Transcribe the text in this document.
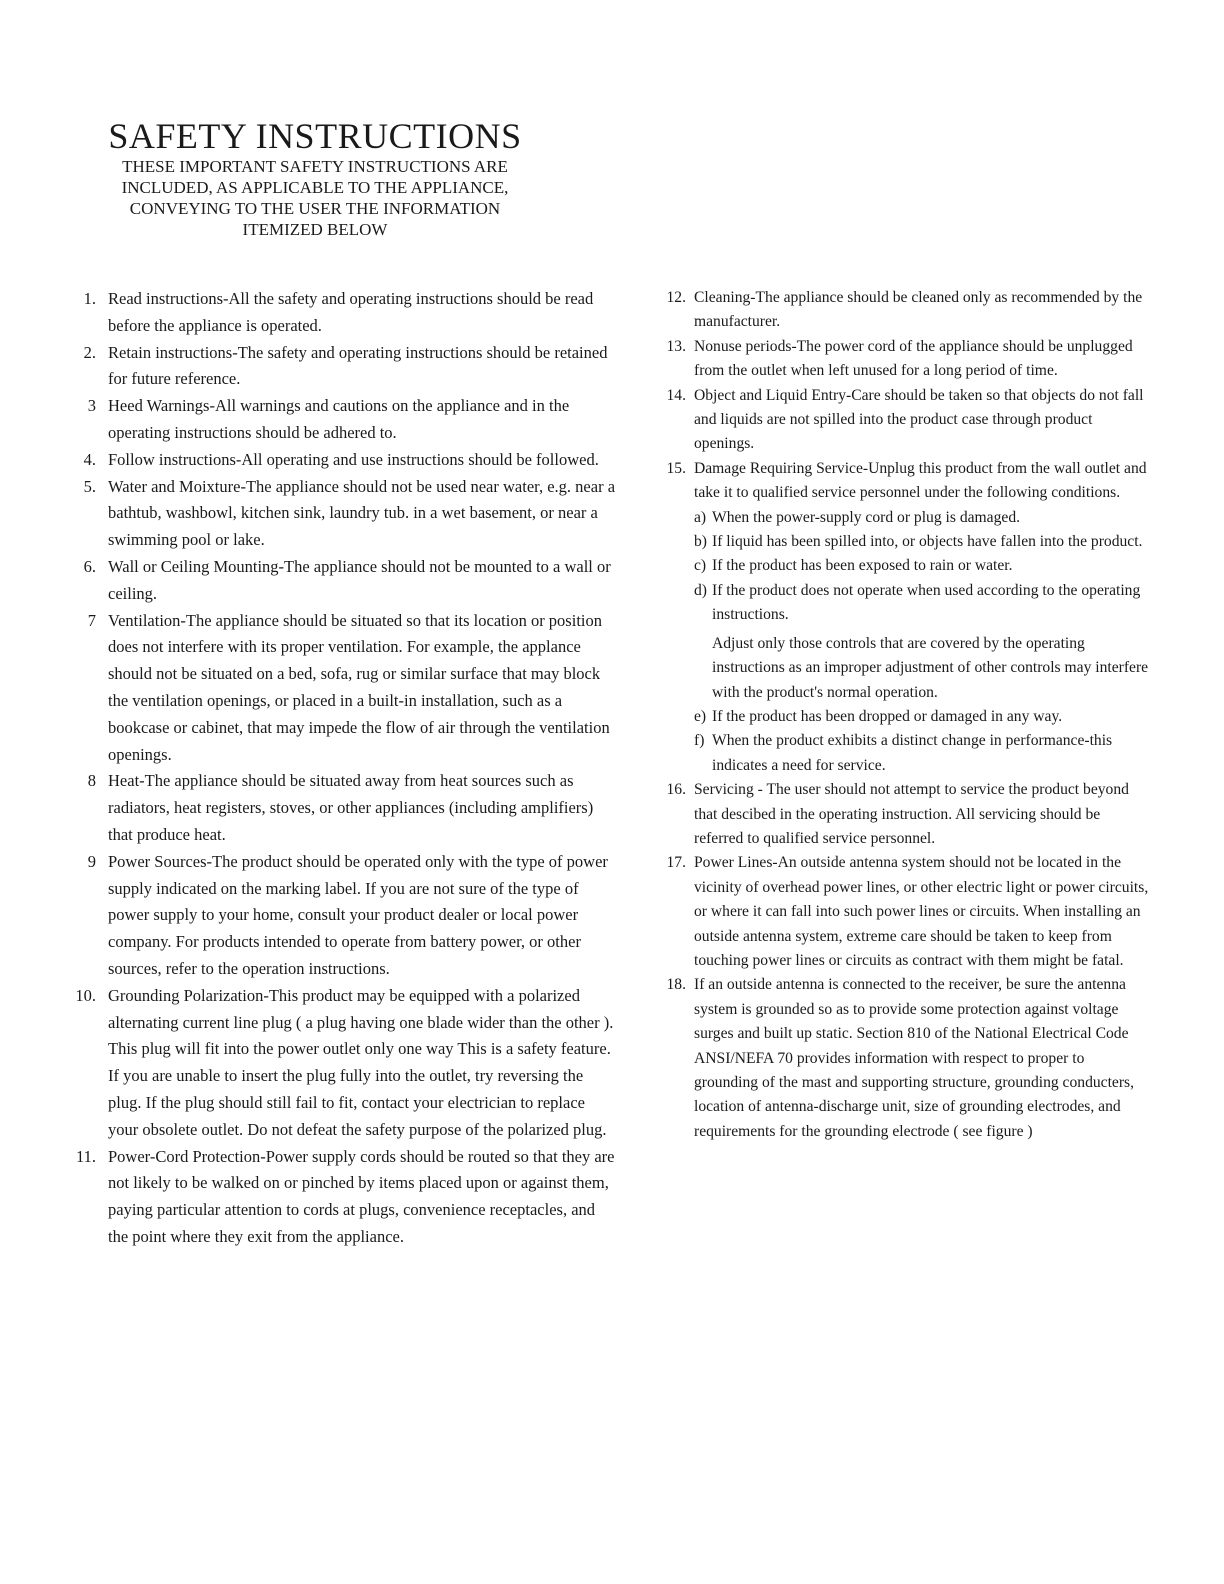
SAFETY INSTRUCTIONS

THESE IMPORTANT SAFETY INSTRUCTIONS ARE
INCLUDED, AS APPLICABLE TO THE APPLIANCE,
CONVEYING TO THE USER THE INFORMATION
ITEMIZED BELOW

1. Read instructions-All the safety and operating instructions should be read before the appliance is operated.
2. Retain instructions-The safety and operating instructions should be retained for future reference.
3 Heed Warnings-All warnings and cautions on the appliance and in the operating instructions should be adhered to.
4. Follow instructions-All operating and use instructions should be followed.
5. Water and Moixture-The appliance should not be used near water, e.g. near a bathtub, washbowl, kitchen sink, laundry tub. in a wet basement, or near a swimming pool or lake.
6. Wall or Ceiling Mounting-The appliance should not be mounted to a wall or ceiling.
7 Ventilation-The appliance should be situated so that its location or position does not interfere with its proper ventilation. For example, the applance should not be situated on a bed, sofa, rug or similar surface that may block the ventilation openings, or placed in a built-in installation, such as a bookcase or cabinet, that may impede the flow of air through the ventilation openings.
8 Heat-The appliance should be situated away from heat sources such as radiators, heat registers, stoves, or other appliances (including amplifiers) that produce heat.
9 Power Sources-The product should be operated only with the type of power supply indicated on the marking label. If you are not sure of the type of power supply to your home, consult your product dealer or local power company. For products intended to operate from battery power, or other sources, refer to the operation instructions.
10. Grounding Polarization-This product may be equipped with a polarized alternating current line plug ( a plug having one blade wider than the other ). This plug will fit into the power outlet only one way This is a safety feature. If you are unable to insert the plug fully into the outlet, try reversing the plug. If the plug should still fail to fit, contact your electrician to replace your obsolete outlet. Do not defeat the safety purpose of the polarized plug.
11. Power-Cord Protection-Power supply cords should be routed so that they are not likely to be walked on or pinched by items placed upon or against them, paying particular attention to cords at plugs, convenience receptacles, and the point where they exit from the appliance.
12. Cleaning-The appliance should be cleaned only as recommended by the manufacturer.
13. Nonuse periods-The power cord of the appliance should be unplugged from the outlet when left unused for a long period of time.
14. Object and Liquid Entry-Care should be taken so that objects do not fall and liquids are not spilled into the product case through product openings.
15. Damage Requiring Service-Unplug this product from the wall outlet and take it to qualified service personnel under the following conditions.
a) When the power-supply cord or plug is damaged.
b) If liquid has been spilled into, or objects have fallen into the product.
c) If the product has been exposed to rain or water.
d) If the product does not operate when used according to the operating instructions.
Adjust only those controls that are covered by the operating instructions as an improper adjustment of other controls may interfere with the product's normal operation.
e) If the product has been dropped or damaged in any way.
f) When the product exhibits a distinct change in performance-this indicates a need for service.
16. Servicing - The user should not attempt to service the product beyond that descibed in the operating instruction. All servicing should be referred to qualified service personnel.
17. Power Lines-An outside antenna system should not be located in the vicinity of overhead power lines, or other electric light or power circuits, or where it can fall into such power lines or circuits. When installing an outside antenna system, extreme care should be taken to keep from touching power lines or circuits as contract with them might be fatal.
18. If an outside antenna is connected to the receiver, be sure the antenna system is grounded so as to provide some protection against voltage surges and built up static. Section 810 of the National Electrical Code ANSI/NEFA 70 provides information with respect to proper to grounding of the mast and supporting structure, grounding conducters, location of antenna-discharge unit, size of grounding electrodes, and requirements for the grounding electrode ( see figure )
